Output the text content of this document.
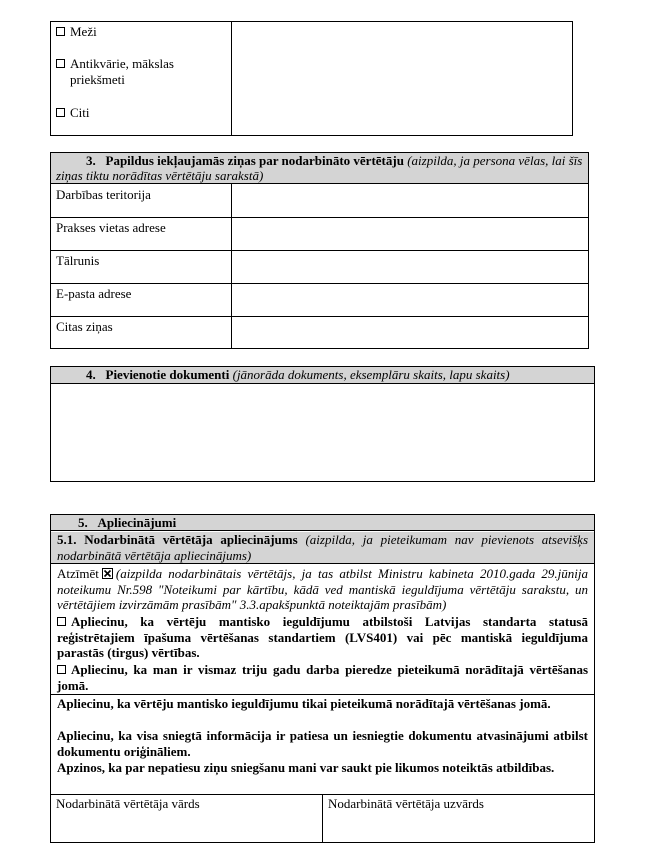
Meži
Antikvārie, mākslas priekšmeti
Citi
3. Papildus iekļaujamās ziņas par nodarbināto vērtētāju (aizpilda, ja persona vēlas, lai šīs ziņas tiktu norādītas vērtētāju sarakstā)
Darbības teritorija
Prakses vietas adrese
Tālrunis
E-pasta adrese
Citas ziņas
4. Pievienotie dokumenti (jānorāda dokuments, eksemplāru skaits, lapu skaits)
5. Apliecinājumi
5.1. Nodarbinātā vērtētāja apliecinājums (aizpilda, ja pieteikumam nav pievienots atsevišķs nodarbinātā vērtētāja apliecinājums)
Atzīmēt (aizpilda nodarbinātais vērtētājs, ja tas atbilst Ministru kabineta 2010.gada 29.jūnija noteikumu Nr.598 "Noteikumi par kārtību, kādā ved mantiskā ieguldījuma vērtētāju sarakstu, un vērtētājiem izvirzāmām prasībām" 3.3.apakšpunktā noteiktajām prasībām)
Apliecinu, ka vērtēju mantisko ieguldījumu atbilstoši Latvijas standarta statusā reģistrētajiem īpašuma vērtēšanas standartiem (LVS401) vai pēc mantiskā ieguldījuma parastās (tirgus) vērtības.
Apliecinu, ka man ir vismaz triju gadu darba pieredze pieteikumā norādītajā vērtēšanas jomā.
Apliecinu, ka vērtēju mantisko ieguldījumu tikai pieteikumā norādītajā vērtēšanas jomā.
Apliecinu, ka visa sniegtā informācija ir patiesa un iesniegtie dokumentu atvasinājumi atbilst dokumentu oriģināliem.
Apzinos, ka par nepatiesu ziņu sniegšanu mani var saukt pie likumos noteiktās atbildības.
Nodarbinātā vērtētāja vārds	Nodarbinātā vērtētāja uzvārds
